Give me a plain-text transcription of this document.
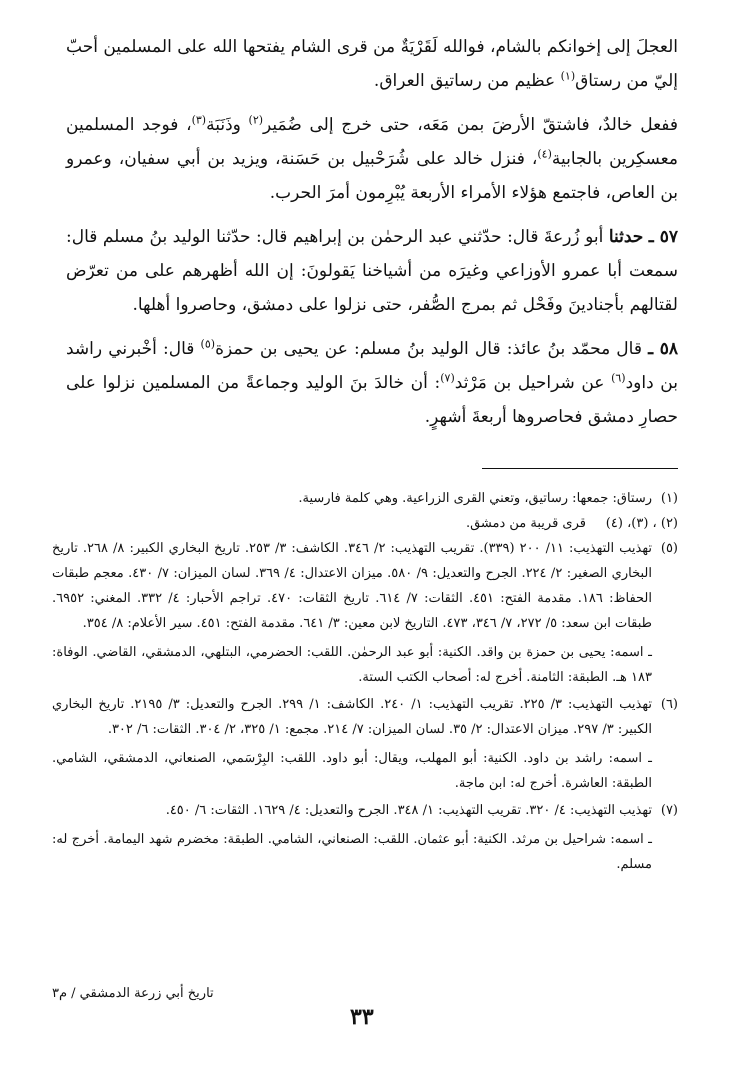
العجلَ إلى إخوانكم بالشام، فوالله لَقَرْيَةٌ من قرى الشام يفتحها الله على المسلمين أحبّ إليّ من رستاق$^{(١)}$ عظيم من رساتيق العراق.

ففعل خالدٌ، فاشتقّ الأرضَ بمن مَعَه، حتى خرج إلى ضُمَير$^{(٢)}$ وذَنَبَة$^{(٣)}$، فوجد المسلمين معسكِرين بالجابية$^{(٤)}$، فنزل خالد على شُرَحْبيل بن حَسَنة، ويزيد بن أبي سفيان، وعمرو بن العاص، فاجتمع هؤلاء الأمراء الأربعة يُبْرِمون أمرَ الحرب.

٥٧ ـ حدثنا أبو زُرعةَ قال: حدّثني عبد الرحمٰن بن إبراهيم قال: حدّثنا الوليد بنُ مسلم قال: سمعت أبا عمرو الأوزاعي وغيرَه من أشياخنا يَقولونَ: إن الله أظهرهم على من تعرّض لقتالهم بأجنادينَ وفَحْل ثم بمرج الصُّفر، حتى نزلوا على دمشق، وحاصروا أهلها.

٥٨ ـ قال محمّد بنُ عائذ: قال الوليد بنُ مسلم: عن يحيى بن حمزة$^{(٥)}$ قال: أخْبرني راشد بن داود$^{(٦)}$ عن شراحيل بن مَرْثد$^{(٧)}$: أن خالدَ بنَ الوليد وجماعةً من المسلمين نزلوا على حصارِ دمشق فحاصروها أربعةَ أشهرٍ.

(١)
رستاق: جمعها: رساتيق، وتعني القرى الزراعية. وهي كلمة فارسية.
(٢) ، (٣)، (٤)
قرى قريبة من دمشق.
(٥)
تهذيب التهذيب: ١١/ ٢٠٠ (٣٣٩). تقريب التهذيب: ٢/ ٣٤٦. الكاشف: ٣/ ٢٥٣. تاريخ البخاري الكبير: ٨/ ٢٦٨. تاريخ البخاري الصغير: ٢/ ٢٢٤. الجرح والتعديل: ٩/ ٥٨٠. ميزان الاعتدال: ٤/ ٣٦٩. لسان الميزان: ٧/ ٤٣٠. معجم طبقات الحفاظ: ١٨٦. مقدمة الفتح: ٤٥١. الثقات: ٧/ ٦١٤. تاريخ الثقات: ٤٧٠. تراجم الأحبار: ٤/ ٣٣٢. المغني: ٦٩٥٢. طبقات ابن سعد: ٥/ ٢٧٢، ٧/ ٣٤٦، ٤٧٣. التاريخ لابن معين: ٣/ ٦٤١. مقدمة الفتح: ٤٥١. سير الأعلام: ٨/ ٣٥٤.
ـ اسمه: يحيى بن حمزة بن واقد. الكنية: أبو عبد الرحمٰن. اللقب: الحضرمي، البتلهي، الدمشقي، القاضي. الوفاة: ١٨٣ هـ. الطبقة: الثامنة. أخرج له: أصحاب الكتب الستة.
(٦)
تهذيب التهذيب: ٣/ ٢٢٥. تقريب التهذيب: ١/ ٢٤٠. الكاشف: ١/ ٢٩٩. الجرح والتعديل: ٣/ ٢١٩٥. تاريخ البخاري الكبير: ٣/ ٢٩٧. ميزان الاعتدال: ٢/ ٣٥. لسان الميزان: ٧/ ٢١٤. مجمع: ١/ ٣٢٥، ٢/ ٣٠٤. الثقات: ٦/ ٣٠٢.
ـ اسمه: راشد بن داود. الكنية: أبو المهلب، ويقال: أبو داود. اللقب: البِرْسَمي، الصنعاني، الدمشقي، الشامي. الطبقة: العاشرة. أخرج له: ابن ماجة.
(٧)
تهذيب التهذيب: ٤/ ٣٢٠. تقريب التهذيب: ١/ ٣٤٨. الجرح والتعديل: ٤/ ١٦٢٩. الثقات: ٦/ ٤٥٠.
ـ اسمه: شراحيل بن مرثد. الكنية: أبو عثمان. اللقب: الصنعاني، الشامي. الطبقة: مخضرم شهد اليمامة. أخرج له: مسلم.
تاريخ أبي زرعة الدمشقي / م٣
٣٣
